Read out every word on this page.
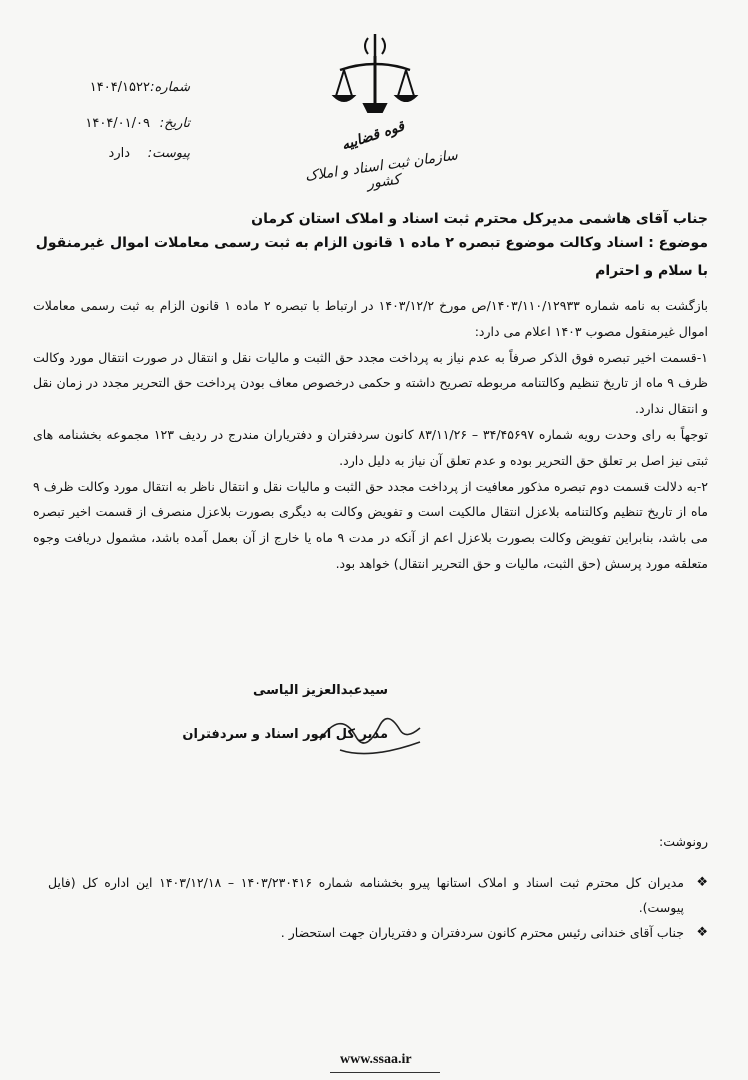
شماره:
۱۴۰۴/۱۵۲۲
تاریخ:
۱۴۰۴/۰۱/۰۹
پیوست:
دارد	قوه قضاییه
سازمان ثبت اسناد و املاک کشور
جناب آقای هاشمی مدیرکل محترم ثبت اسناد و املاک استان کرمان
موضوع : اسناد وکالت موضوع تبصره ۲ ماده ۱ قانون الزام به ثبت رسمی معاملات اموال غیرمنقول
با سلام و احترام

بازگشت به نامه شماره ۱۴۰۳/۱۱۰/۱۲۹۳۳/ص مورخ ۱۴۰۳/۱۲/۲ در ارتباط با تبصره ۲ ماده ۱ قانون الزام به ثبت رسمی معاملات اموال غیرمنقول مصوب ۱۴۰۳ اعلام می دارد:

۱-قسمت اخیر تبصره فوق الذکر صرفاً به عدم نیاز به پرداخت مجدد حق الثبت و مالیات نقل و انتقال در صورت انتقال مورد وکالت ظرف ۹ ماه از تاریخ تنظیم وکالتنامه مربوطه تصریح داشته و حکمی درخصوص معاف بودن پرداخت حق التحریر مجدد در زمان نقل و انتقال ندارد.

توجهاً به رای وحدت رویه شماره ۳۴/۴۵۶۹۷ – ۸۳/۱۱/۲۶ کانون سردفتران و دفتریاران مندرج در ردیف ۱۲۳ مجموعه بخشنامه های ثبتی نیز اصل بر تعلق حق التحریر بوده و عدم تعلق آن نیاز به دلیل دارد.

۲-به دلالت قسمت دوم تبصره مذکور معافیت از پرداخت مجدد حق الثبت و مالیات نقل و انتقال ناظر به انتقال مورد وکالت ظرف ۹ ماه از تاریخ تنظیم وکالتنامه بلاعزل انتقال مالکیت است و تفویض وکالت به دیگری بصورت بلاعزل منصرف از قسمت اخیر تبصره می باشد، بنابراین تفویض وکالت بصورت بلاعزل اعم از آنکه در مدت ۹ ماه یا خارج از آن بعمل آمده باشد، مشمول دریافت وجوه متعلقه مورد پرسش (حق الثبت، مالیات و حق التحریر انتقال) خواهد بود.

سیدعبدالعزیز الیاسی
مدیر کل امور اسناد و سردفتران
رونوشت:
❖
مدیران کل محترم ثبت اسناد و املاک استانها پیرو بخشنامه شماره ۱۴۰۳/۲۳۰۴۱۶ – ۱۴۰۳/۱۲/۱۸ این اداره کل (فایل پیوست).
❖
جناب آقای خندانی رئیس محترم کانون سردفتران و دفتریاران جهت استحضار .
www.ssaa.ir
